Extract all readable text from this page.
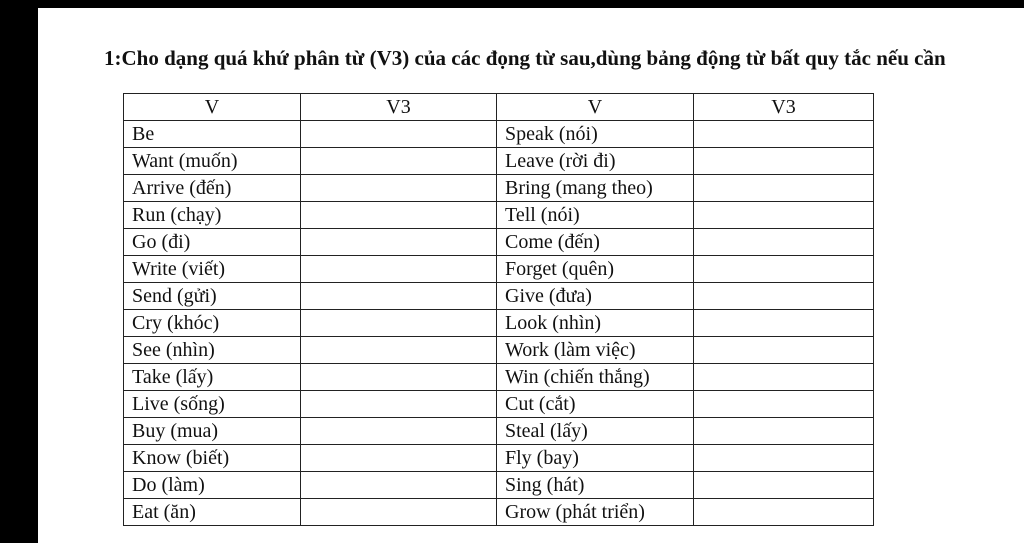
1:Cho dạng quá khứ phân từ (V3) của các đọng từ sau,dùng bảng động từ bất quy tắc nếu cần
V	V3	V	V3
Be		Speak (nói)	
Want (muốn)		Leave (rời đi)	
Arrive (đến)		Bring (mang theo)	
Run (chạy)		Tell (nói)	
Go (đi)		Come (đến)	
Write (viết)		Forget (quên)	
Send (gửi)		Give (đưa)	
Cry (khóc)		Look (nhìn)	
See (nhìn)		Work (làm việc)	
Take (lấy)		Win (chiến thắng)	
Live (sống)		Cut (cắt)	
Buy (mua)		Steal (lấy)	
Know (biết)		Fly (bay)	
Do (làm)		Sing (hát)	
Eat (ăn)		Grow (phát triển)	
